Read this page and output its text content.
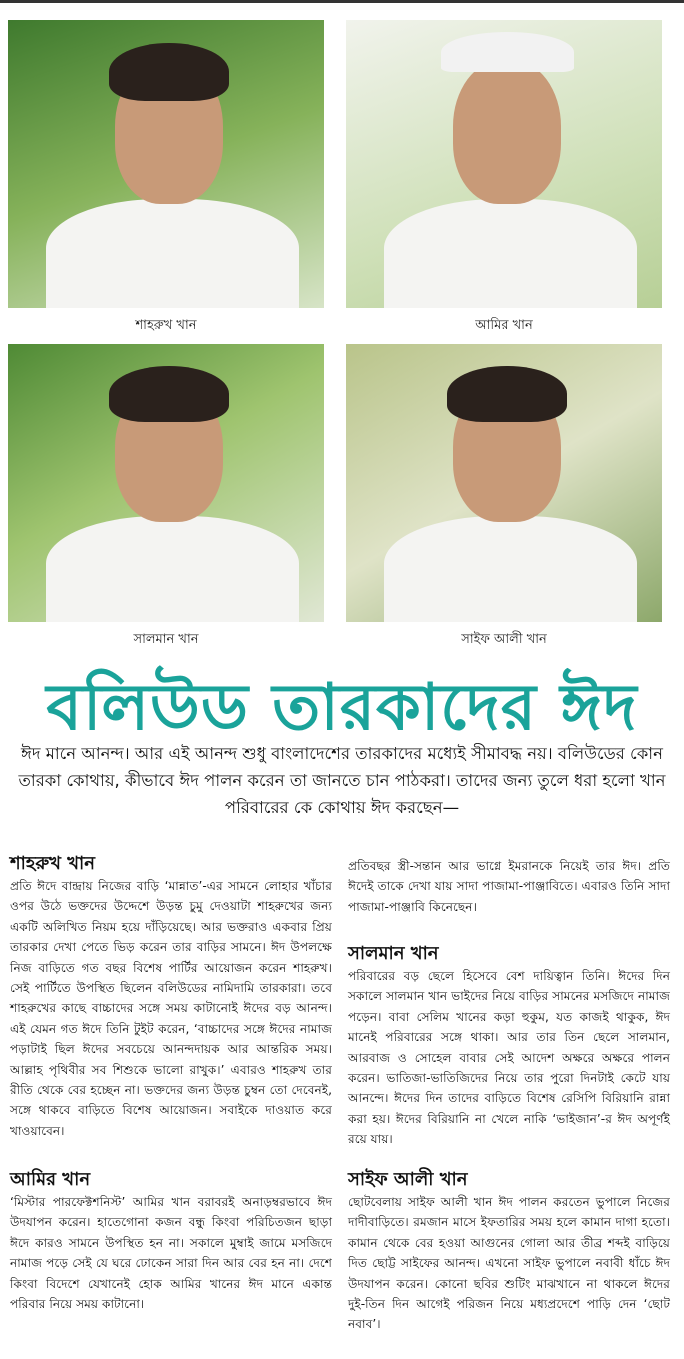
শাহরুখ খান	আমির খান
সালমান খান	সাইফ আলী খান
বলিউড তারকাদের ঈদ
ঈদ মানে আনন্দ। আর এই আনন্দ শুধু বাংলাদেশের তারকাদের মধ্যেই সীমাবদ্ধ নয়। বলিউডের কোন তারকা কোথায়, কীভাবে ঈদ পালন করেন তা জানতে চান পাঠকরা। তাদের জন্য তুলে ধরা হলো খান পরিবারের কে কোথায় ঈদ করছেন—
শাহরুখ খান

প্রতি ঈদে বান্দ্রায় নিজের বাড়ি ‘মান্নাত’-এর সামনে লোহার খাঁচার ওপর উঠে ভক্তদের উদ্দেশে উড়ন্ত চুমু দেওয়াটা শাহরুখের জন্য একটি অলিখিত নিয়ম হয়ে দাঁড়িয়েছে। আর ভক্তরাও একবার প্রিয় তারকার দেখা পেতে ভিড় করেন তার বাড়ির সামনে। ঈদ উপলক্ষে নিজ বাড়িতে গত বছর বিশেষ পার্টির আয়োজন করেন শাহরুখ। সেই পার্টিতে উপস্থিত ছিলেন বলিউডের নামিদামি তারকারা। তবে শাহরুখের কাছে বাচ্চাদের সঙ্গে সময় কাটানোই ঈদের বড় আনন্দ। এই যেমন গত ঈদে তিনি টুইট করেন, ‘বাচ্চাদের সঙ্গে ঈদের নামাজ পড়াটাই ছিল ঈদের সবচেয়ে আনন্দদায়ক আর আন্তরিক সময়। আল্লাহ পৃথিবীর সব শিশুকে ভালো রাখুক।’ এবারও শাহরুখ তার রীতি থেকে বের হচ্ছেন না। ভক্তদের জন্য উড়ন্ত চুম্বন তো দেবেনই, সঙ্গে থাকবে বাড়িতে বিশেষ আয়োজন। সবাইকে দাওয়াত করে খাওয়াবেন।

আমির খান

‘মিস্টার পারফেক্টশনিস্ট’ আমির খান বরাবরই অনাড়ম্বরভাবে ঈদ উদযাপন করেন। হাতেগোনা কজন বন্ধু কিংবা পরিচিতজন ছাড়া ঈদে কারও সামনে উপস্থিত হন না। সকালে মুম্বাই জামে মসজিদে নামাজ পড়ে সেই যে ঘরে ঢোকেন সারা দিন আর বের হন না। দেশে কিংবা বিদেশে যেখানেই হোক আমির খানের ঈদ মানে একান্ত পরিবার নিয়ে সময় কাটানো।

প্রতিবছর স্ত্রী-সন্তান আর ভাগ্নে ইমরানকে নিয়েই তার ঈদ। প্রতি ঈদেই তাকে দেখা যায় সাদা পাজামা-পাঞ্জাবিতে। এবারও তিনি সাদা পাজামা-পাঞ্জাবি কিনেছেন।

সালমান খান

পরিবারের বড় ছেলে হিসেবে বেশ দায়িত্বান তিনি। ঈদের দিন সকালে সালমান খান ভাইদের নিয়ে বাড়ির সামনের মসজিদে নামাজ পড়েন। বাবা সেলিম খানের কড়া হুকুম, যত কাজই থাকুক, ঈদ মানেই পরিবারের সঙ্গে থাকা। আর তার তিন ছেলে সালমান, আরবাজ ও সোহেল বাবার সেই আদেশ অক্ষরে অক্ষরে পালন করেন। ভাতিজা-ভাতিজিদের নিয়ে তার পুরো দিনটাই কেটে যায় আনন্দে। ঈদের দিন তাদের বাড়িতে বিশেষ রেসিপি বিরিয়ানি রান্না করা হয়। ঈদের বিরিয়ানি না খেলে নাকি ‘ভাইজান’-র ঈদ অপূর্ণই রয়ে যায়।

সাইফ আলী খান

ছোটবেলায় সাইফ আলী খান ঈদ পালন করতেন ভুপালে নিজের দাদীবাড়িতে। রমজান মাসে ইফতারির সময় হলে কামান দাগা হতো। কামান থেকে বের হওয়া আগুনের গোলা আর তীব্র শব্দই বাড়িয়ে দিত ছোট্ট সাইফের আনন্দ। এখনো সাইফ ভুপালে নবাবী ধাঁচে ঈদ উদযাপন করেন। কোনো ছবির শুটিং মাঝখানে না থাকলে ঈদের দুই-তিন দিন আগেই পরিজন নিয়ে মধ্যপ্রদেশে পাড়ি দেন ‘ছোট নবাব’।
